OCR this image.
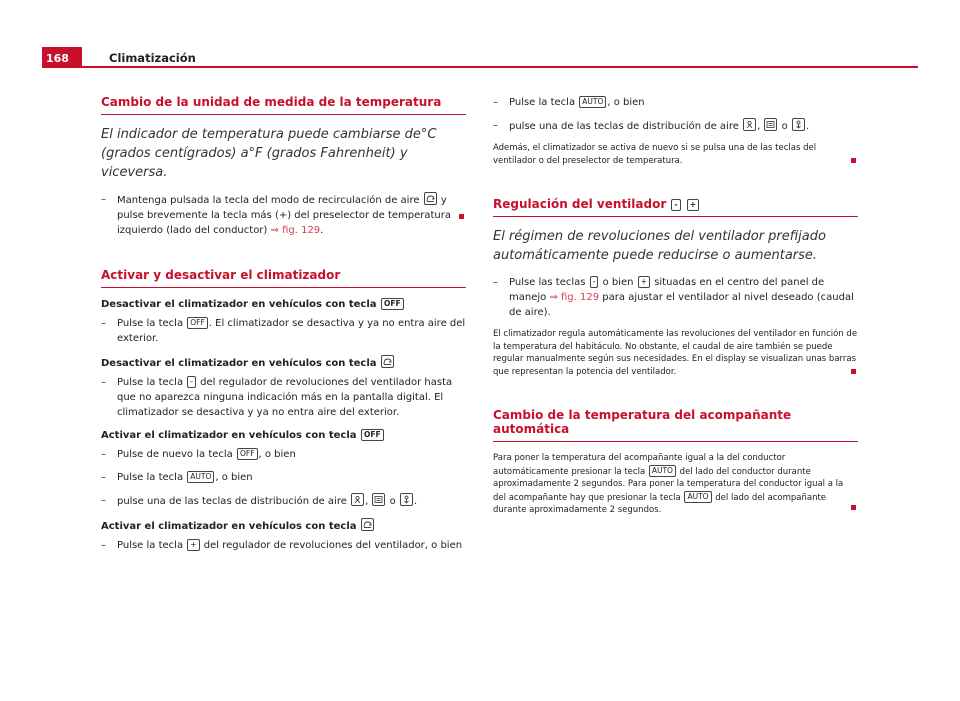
168	Climatización
Cambio de la unidad de medida de la temperatura
El indicador de temperatura puede cambiarse de°C (grados centígrados) a°F (grados Fahrenheit) y viceversa.
– Mantenga pulsada la tecla del modo de recirculación de aire y pulse brevemente la tecla más (+) del preselector de temperatura izquierdo (lado del conductor) ⇒ fig. 129.
Activar y desactivar el climatizador
Desactivar el climatizador en vehículos con tecla OFF
– Pulse la tecla OFF . El climatizador se desactiva y ya no entra aire del exterior.
Desactivar el climatizador en vehículos con tecla
– Pulse la tecla - del regulador de revoluciones del ventilador hasta que no aparezca ninguna indicación más en la pantalla digital. El climatizador se desactiva y ya no entra aire del exterior.
Activar el climatizador en vehículos con tecla OFF
– Pulse de nuevo la tecla OFF , o bien
– Pulse la tecla AUTO , o bien
– pulse una de las teclas de distribución de aire , o .
Activar el climatizador en vehículos con tecla
– Pulse la tecla + del regulador de revoluciones del ventilador, o bien
– Pulse la tecla AUTO , o bien
– pulse una de las teclas de distribución de aire , o .
Además, el climatizador se activa de nuevo si se pulsa una de las teclas del ventilador o del preselector de temperatura.
Regulación del ventilador - +
El régimen de revoluciones del ventilador prefijado automáticamente puede reducirse o aumentarse.
– Pulse las teclas - o bien + situadas en el centro del panel de manejo ⇒ fig. 129 para ajustar el ventilador al nivel deseado (caudal de aire).
El climatizador regula automáticamente las revoluciones del ventilador en función de la temperatura del habitáculo. No obstante, el caudal de aire también se puede regular manualmente según sus necesidades. En el display se visualizan unas barras que representan la potencia del ventilador.
Cambio de la temperatura del acompañante automática
Para poner la temperatura del acompañante igual a la del conductor automáticamente presionar la tecla AUTO del lado del conductor durante aproximadamente 2 segundos. Para poner la temperatura del conductor igual a la del acompañante hay que presionar la tecla AUTO del lado del acompañante durante aproximadamente 2 segundos.
